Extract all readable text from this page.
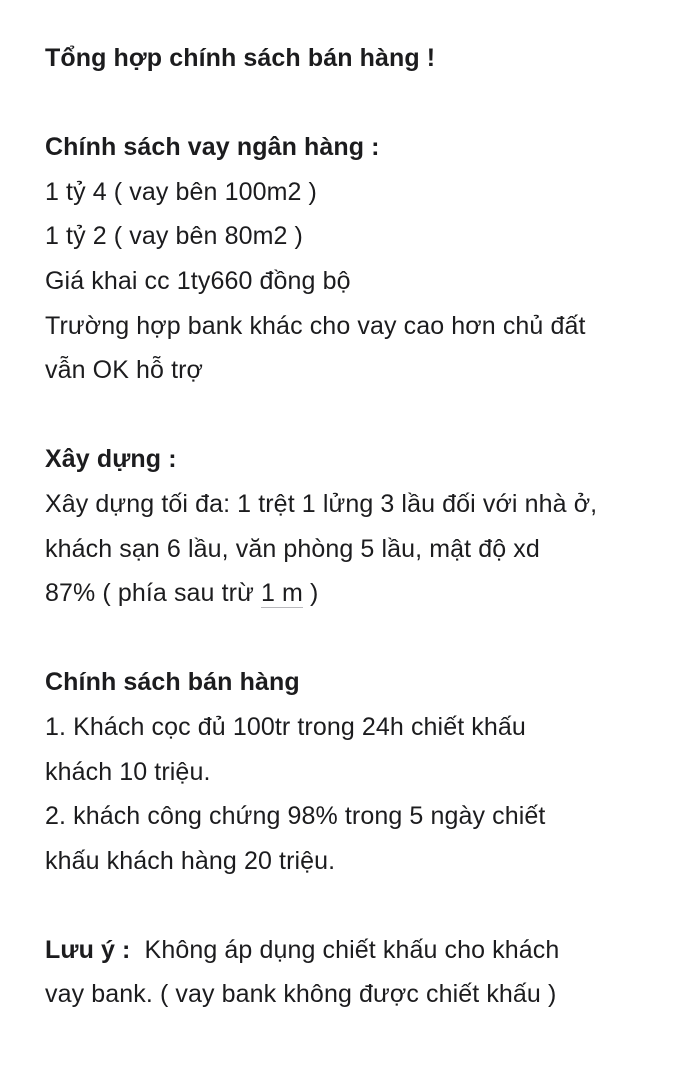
Tổng hợp chính sách bán hàng !
Chính sách vay ngân hàng :
1 tỷ 4 ( vay bên 100m2 )
1 tỷ 2 ( vay bên 80m2 )
Giá khai cc 1ty660 đồng bộ
Trường hợp bank khác cho vay cao hơn chủ đất
vẫn OK hỗ trợ
Xây dựng :
Xây dựng tối đa: 1 trệt 1 lửng 3 lầu đối với nhà ở,
khách sạn 6 lầu, văn phòng 5 lầu, mật độ xd
87% ( phía sau trừ 1 m )
Chính sách bán hàng
1. Khách cọc đủ 100tr trong 24h chiết khấu
khách 10 triệu.
2. khách công chứng 98% trong 5 ngày chiết
khấu khách hàng 20 triệu.
Lưu ý :  Không áp dụng chiết khấu cho khách
vay bank. ( vay bank không được chiết khấu )
